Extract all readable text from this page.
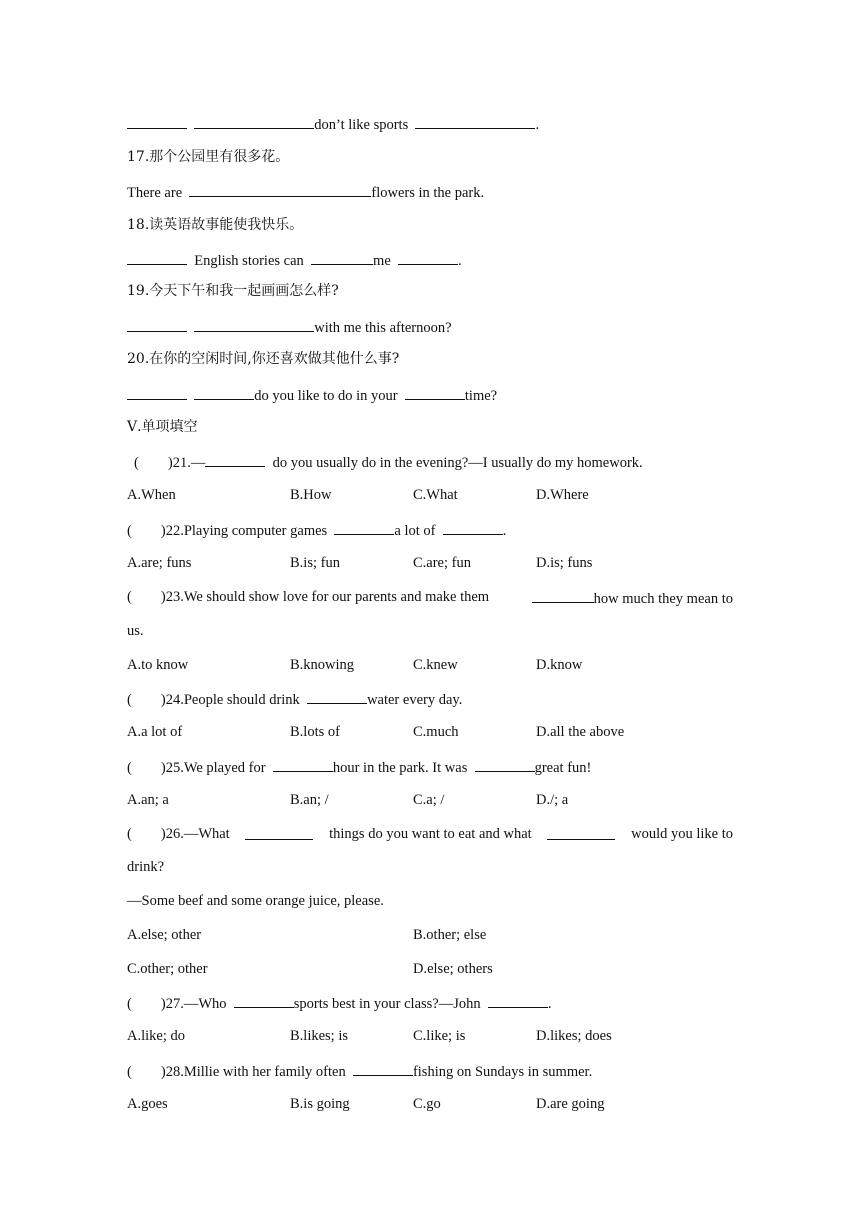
don’t like sports	.
17.那个公园里有很多花。
There are	flowers in the park.
18.读英语故事能使我快乐。
English stories can	me	.
19.今天下午和我一起画画怎么样?
with me this afternoon?
20.在你的空闲时间,你还喜欢做其他什么事?
do you like to do in your	time?
Ⅴ.单项填空
( )21.—	do you usually do in the evening?—I usually do my homework.
A.When	B.How	C.What	D.Where
( )22.Playing computer games	a lot of	.
A.are; funs	B.is; fun	C.are; fun	D.is; funs
( )23.We should show love for our parents and make them	how much they mean to
us.
A.to know	B.knowing	C.knew	D.know
( )24.People should drink	water every day.
A.a lot of	B.lots of	C.much	D.all the above
( )25.We played for	hour in the park. It was	great fun!
A.an; a	B.an; /	C.a; /	D./; a
( )26.—What	things do you want to eat and what	would you like to
drink?
—Some beef and some orange juice, please.
A.else; other	B.other; else
C.other; other	D.else; others
( )27.—Who	sports best in your class?—John	.
A.like; do	B.likes; is	C.like; is	D.likes; does
( )28.Millie with her family often	fishing on Sundays in summer.
A.goes	B.is going	C.go	D.are going
